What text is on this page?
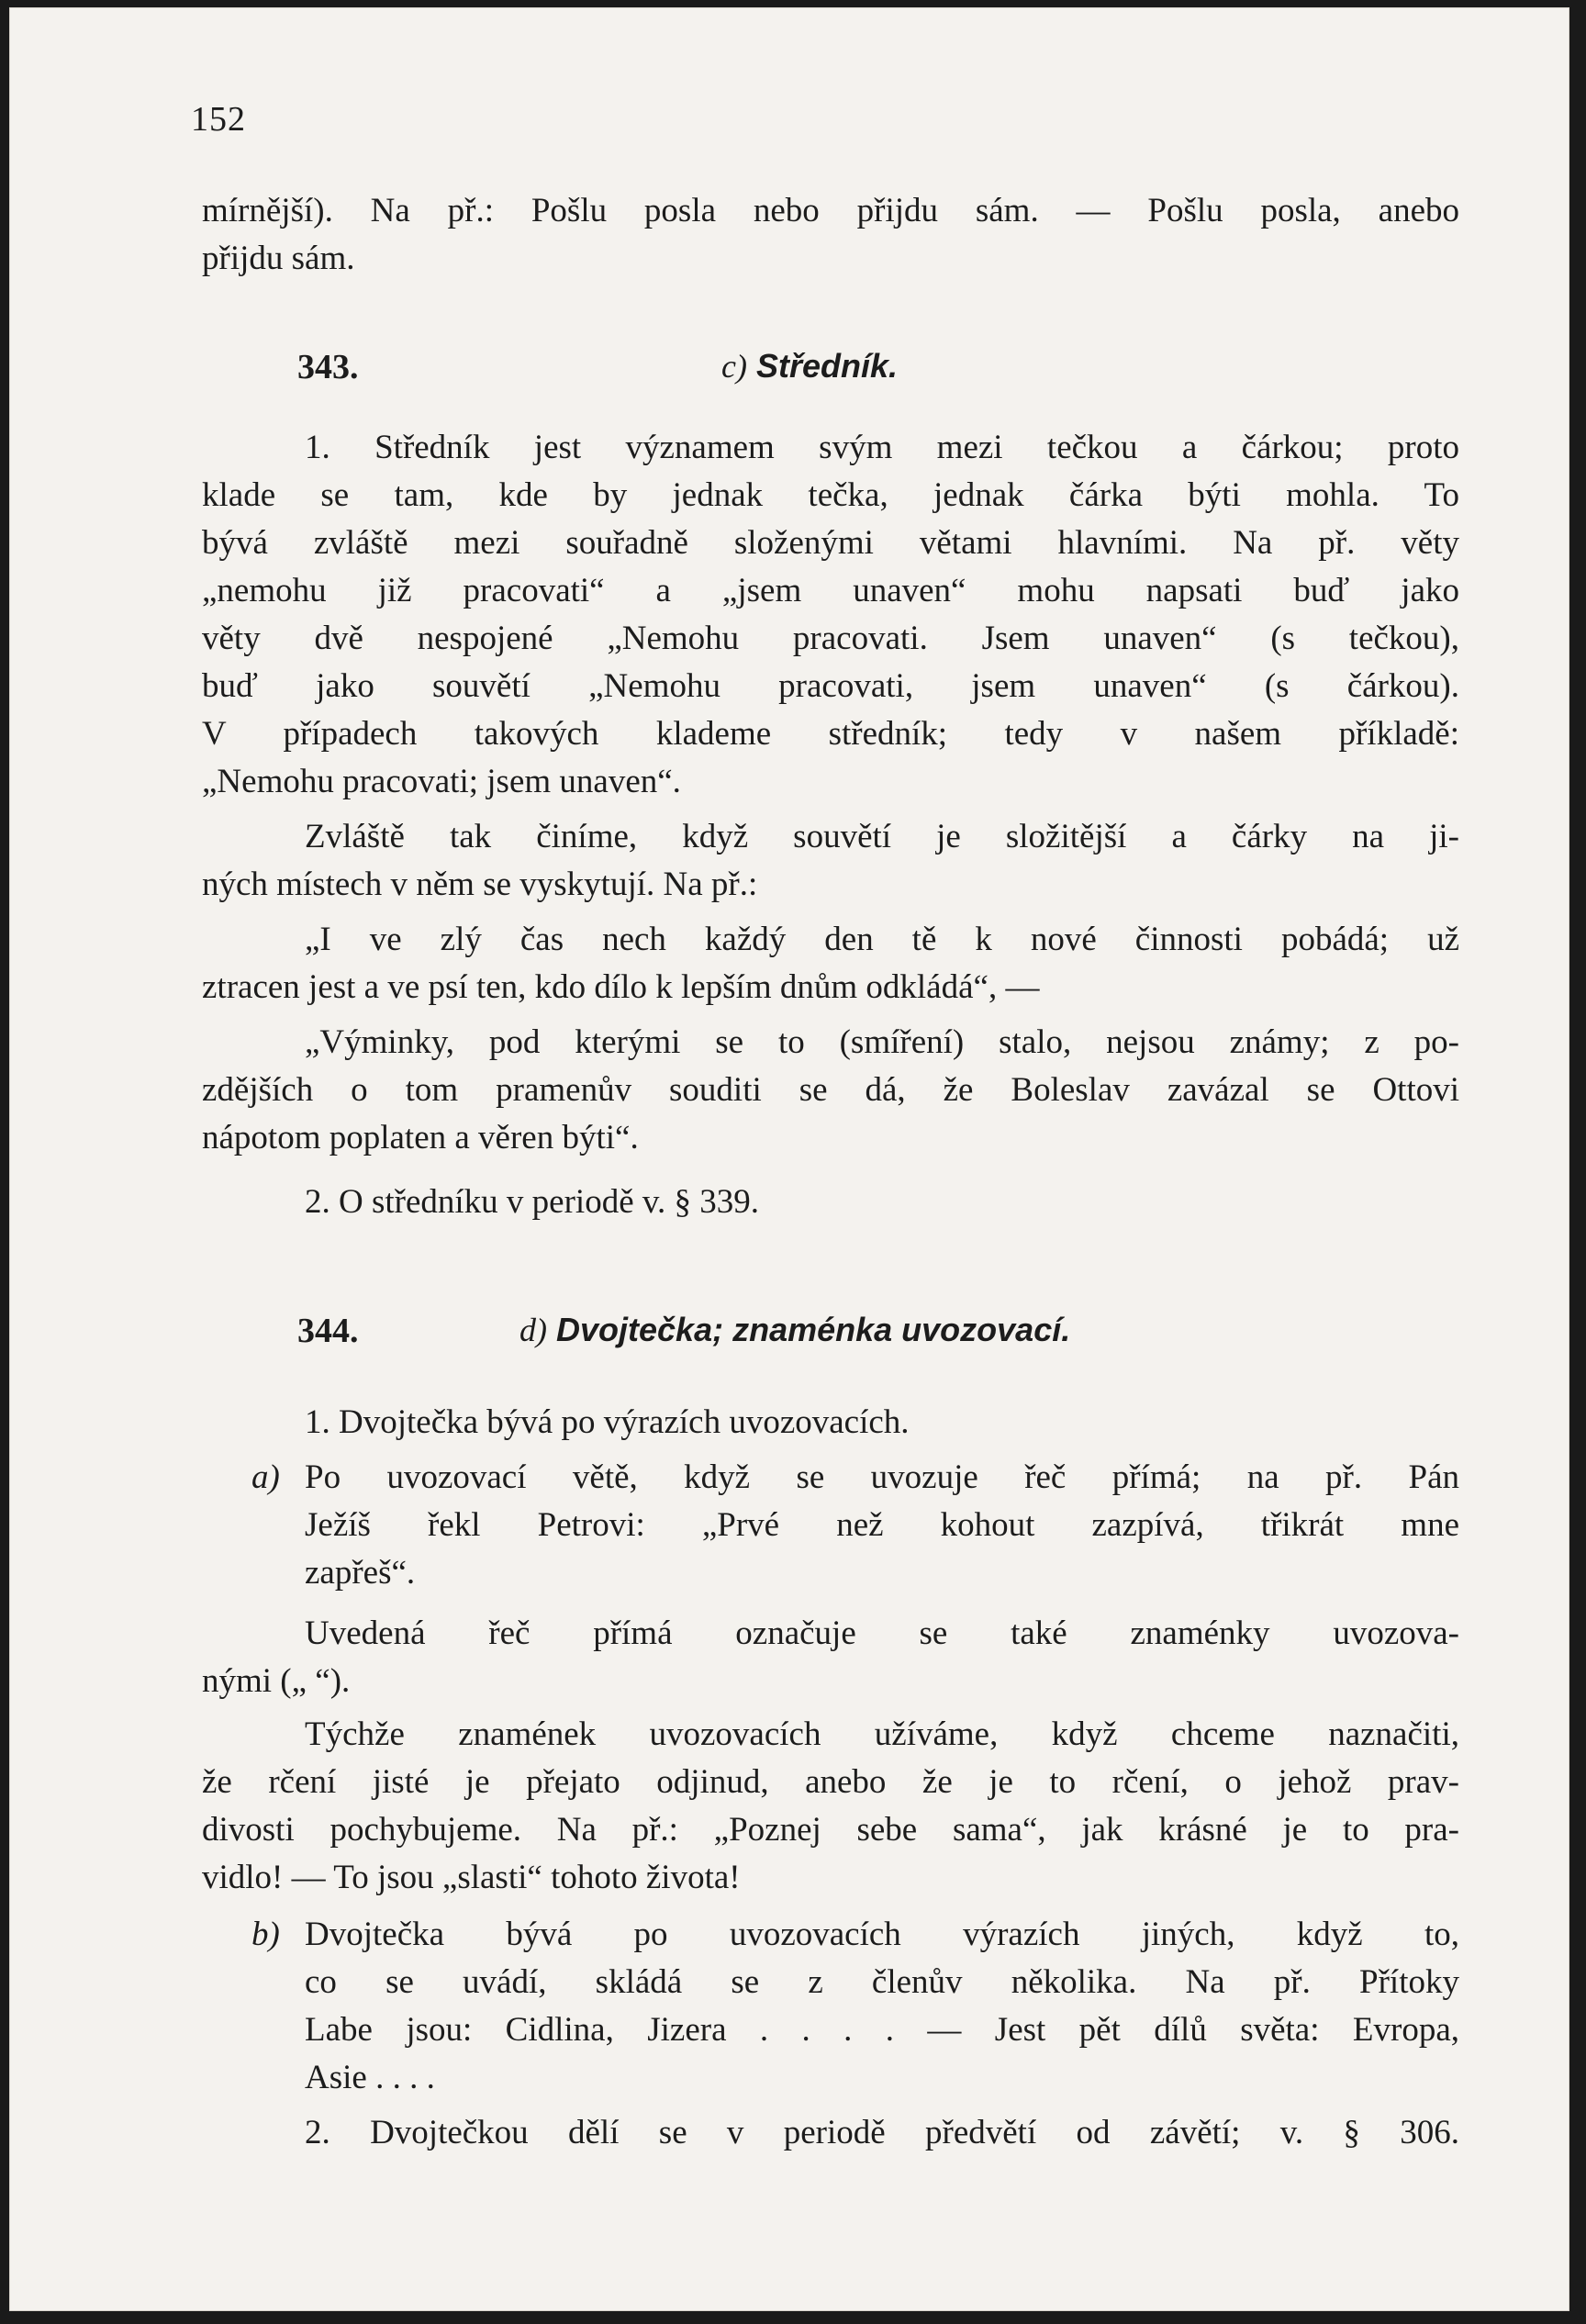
152
mírnější). Na př.: Pošlu posla nebo přijdu sám. — Pošlu posla, anebo
přijdu sám.
343.	c) Středník.
1. Středník jest významem svým mezi tečkou a čárkou; proto
klade se tam, kde by jednak tečka, jednak čárka býti mohla. To
bývá zvláště mezi souřadně složenými větami hlavními. Na př. věty
„nemohu již pracovati“ a „jsem unaven“ mohu napsati buď jako
věty dvě nespojené „Nemohu pracovati. Jsem unaven“ (s tečkou),
buď jako souvětí „Nemohu pracovati, jsem unaven“ (s čárkou).
V případech takových klademe středník; tedy v našem příkladě:
„Nemohu pracovati; jsem unaven“.
Zvláště tak činíme, když souvětí je složitější a čárky na ji-
ných místech v něm se vyskytují. Na př.:
„I ve zlý čas nech každý den tě k nové činnosti pobádá; už
ztracen jest a ve psí ten, kdo dílo k lepším dnům odkládá“, —
„Výminky, pod kterými se to (smíření) stalo, nejsou známy; z po-
zdějších o tom pramenův souditi se dá, že Boleslav zavázal se Ottovi
nápotom poplaten a věren býti“.
2. O středníku v periodě v. § 339.
344.	d) Dvojtečka; znaménka uvozovací.
1. Dvojtečka bývá po výrazích uvozovacích.
a) Po uvozovací větě, když se uvozuje řeč přímá; na př. Pán
Ježíš řekl Petrovi: „Prvé než kohout zazpívá, třikrát mne
zapřeš“.
Uvedená řeč přímá označuje se také znaménky uvozova-
nými („ “).
Týchže znamének uvozovacích užíváme, když chceme naznačiti,
že rčení jisté je přejato odjinud, anebo že je to rčení, o jehož prav-
divosti pochybujeme. Na př.: „Poznej sebe sama“, jak krásné je to pra-
vidlo! — To jsou „slasti“ tohoto života!
b) Dvojtečka bývá po uvozovacích výrazích jiných, když to,
co se uvádí, skládá se z členův několika. Na př. Přítoky
Labe jsou: Cidlina, Jizera . . . . — Jest pět dílů světa: Evropa,
Asie . . . .
2. Dvojtečkou dělí se v periodě předvětí od závětí; v. § 306.
